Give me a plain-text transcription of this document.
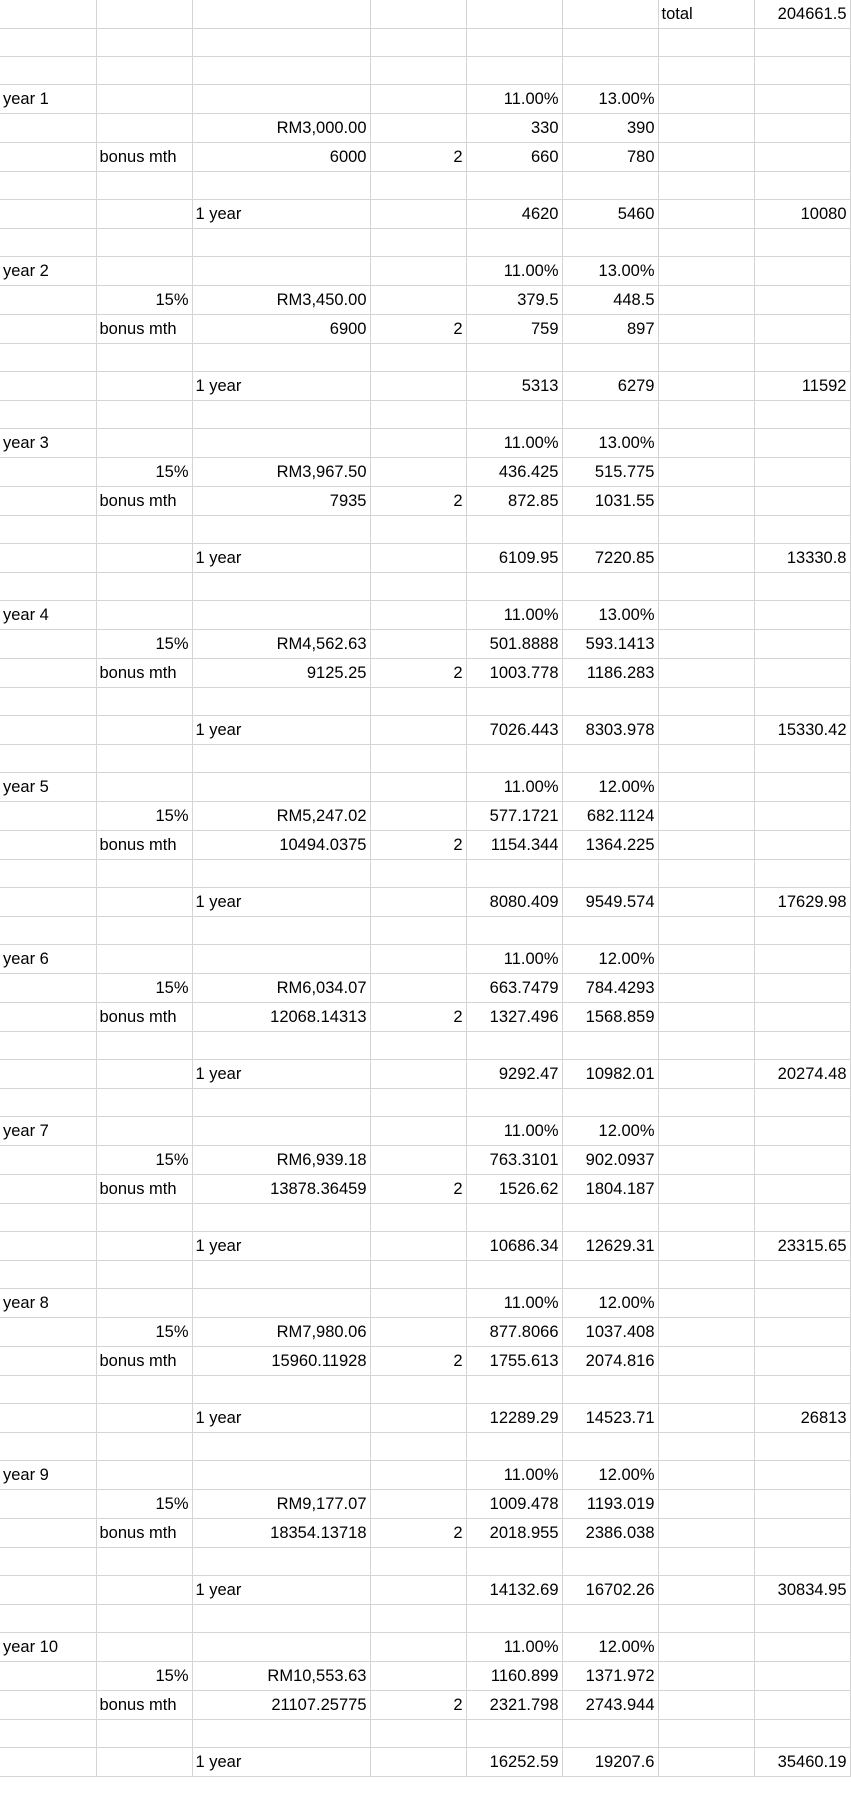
						total	204661.5

year 1				11.00%	13.00%		
		RM3,000.00		330	390		
	bonus mth	6000	2	660	780		

		1 year		4620	5460		10080

year 2				11.00%	13.00%		
	15%	RM3,450.00		379.5	448.5		
	bonus mth	6900	2	759	897		

		1 year		5313	6279		11592

year 3				11.00%	13.00%		
	15%	RM3,967.50		436.425	515.775		
	bonus mth	7935	2	872.85	1031.55		

		1 year		6109.95	7220.85		13330.8

year 4				11.00%	13.00%		
	15%	RM4,562.63		501.8888	593.1413		
	bonus mth	9125.25	2	1003.778	1186.283		

		1 year		7026.443	8303.978		15330.42

year 5				11.00%	12.00%		
	15%	RM5,247.02		577.1721	682.1124		
	bonus mth	10494.0375	2	1154.344	1364.225		

		1 year		8080.409	9549.574		17629.98

year 6				11.00%	12.00%		
	15%	RM6,034.07		663.7479	784.4293		
	bonus mth	12068.14313	2	1327.496	1568.859		

		1 year		9292.47	10982.01		20274.48

year 7				11.00%	12.00%		
	15%	RM6,939.18		763.3101	902.0937		
	bonus mth	13878.36459	2	1526.62	1804.187		

		1 year		10686.34	12629.31		23315.65

year 8				11.00%	12.00%		
	15%	RM7,980.06		877.8066	1037.408		
	bonus mth	15960.11928	2	1755.613	2074.816		

		1 year		12289.29	14523.71		26813

year 9				11.00%	12.00%		
	15%	RM9,177.07		1009.478	1193.019		
	bonus mth	18354.13718	2	2018.955	2386.038		

		1 year		14132.69	16702.26		30834.95

year 10				11.00%	12.00%		
	15%	RM10,553.63		1160.899	1371.972		
	bonus mth	21107.25775	2	2321.798	2743.944		

		1 year		16252.59	19207.6		35460.19
